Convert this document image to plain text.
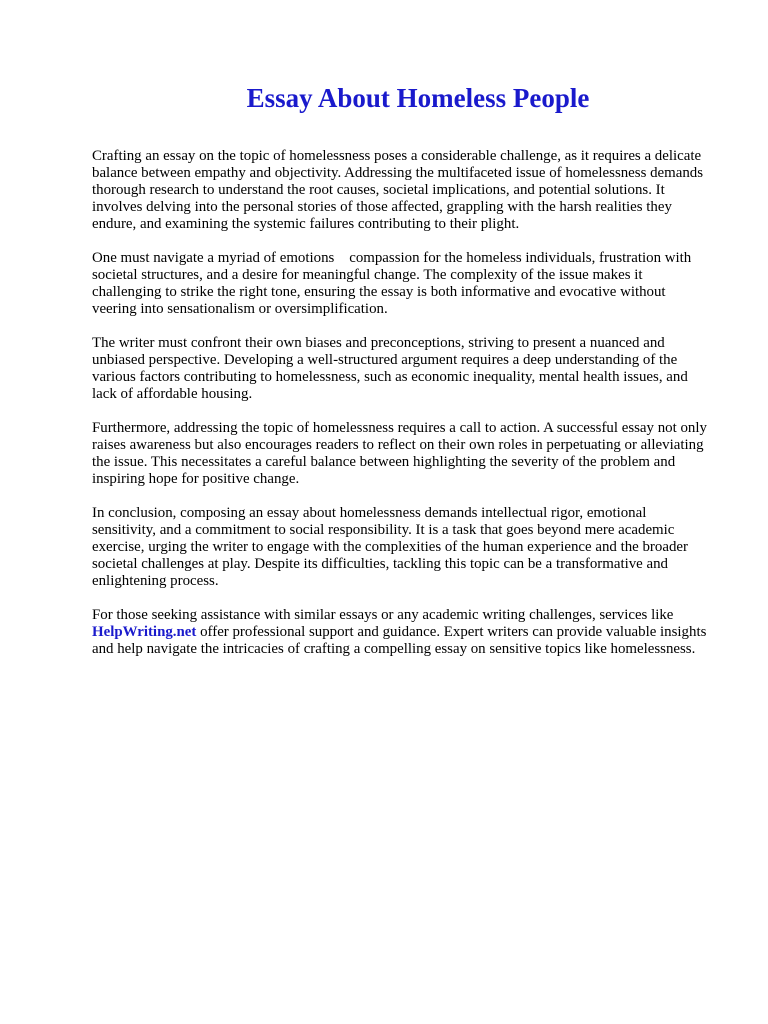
Essay About Homeless People

Crafting an essay on the topic of homelessness poses a considerable challenge, as it requires a delicate balance between empathy and objectivity. Addressing the multifaceted issue of homelessness demands thorough research to understand the root causes, societal implications, and potential solutions. It involves delving into the personal stories of those affected, grappling with the harsh realities they endure, and examining the systemic failures contributing to their plight.

One must navigate a myriad of emotions    compassion for the homeless individuals, frustration with societal structures, and a desire for meaningful change. The complexity of the issue makes it challenging to strike the right tone, ensuring the essay is both informative and evocative without veering into sensationalism or oversimplification.

The writer must confront their own biases and preconceptions, striving to present a nuanced and unbiased perspective. Developing a well-structured argument requires a deep understanding of the various factors contributing to homelessness, such as economic inequality, mental health issues, and lack of affordable housing.

Furthermore, addressing the topic of homelessness requires a call to action. A successful essay not only raises awareness but also encourages readers to reflect on their own roles in perpetuating or alleviating the issue. This necessitates a careful balance between highlighting the severity of the problem and inspiring hope for positive change.

In conclusion, composing an essay about homelessness demands intellectual rigor, emotional sensitivity, and a commitment to social responsibility. It is a task that goes beyond mere academic exercise, urging the writer to engage with the complexities of the human experience and the broader societal challenges at play. Despite its difficulties, tackling this topic can be a transformative and enlightening process.

For those seeking assistance with similar essays or any academic writing challenges, services like HelpWriting.net offer professional support and guidance. Expert writers can provide valuable insights and help navigate the intricacies of crafting a compelling essay on sensitive topics like homelessness.
